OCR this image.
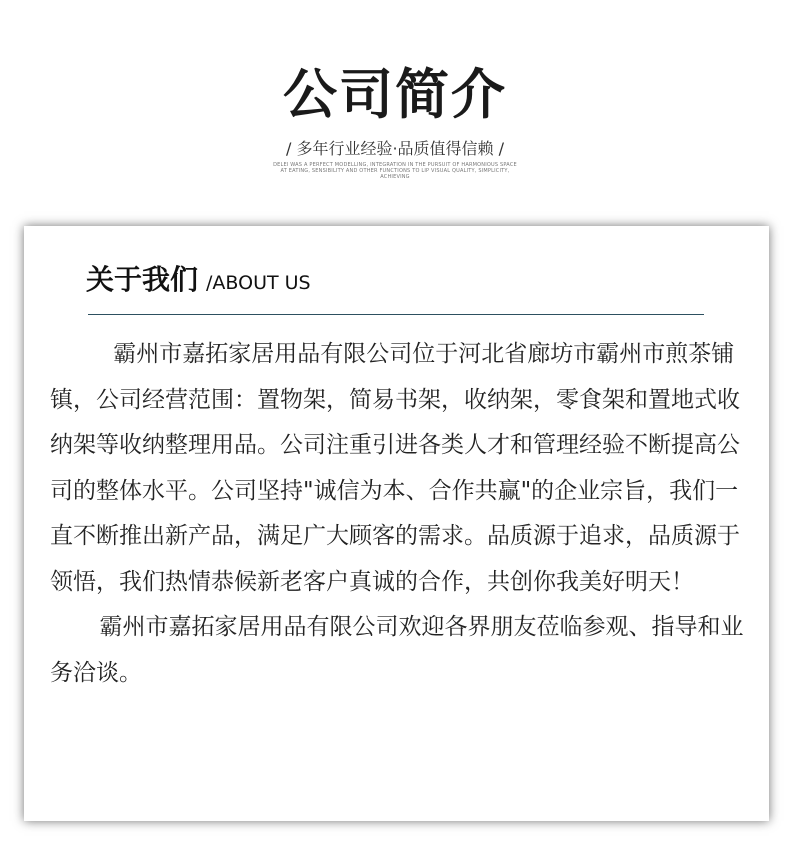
公司简介
/ 多年行业经验·品质值得信赖 /
DELEI WAS A PERFECT MODELLING, INTEGRATION IN THE PURSUIT OF HARMONIOUS SPACE AT EATING, SENSIBILITY AND OTHER FUNCTIONS TO LIP VISUAL QUALITY, SIMPLICITY, ACHIEVING
关于我们 /ABOUT US

霸州市嘉拓家居用品有限公司位于河北省廊坊市霸州市煎茶铺镇，公司经营范围：置物架，简易书架，收纳架，零食架和置地式收纳架等收纳整理用品。公司注重引进各类人才和管理经验不断提高公司的整体水平。公司坚持"诚信为本、合作共赢"的企业宗旨，我们一直不断推出新产品，满足广大顾客的需求。品质源于追求，品质源于领悟，我们热情恭候新老客户真诚的合作，共创你我美好明天！

霸州市嘉拓家居用品有限公司欢迎各界朋友莅临参观、指导和业务洽谈。
